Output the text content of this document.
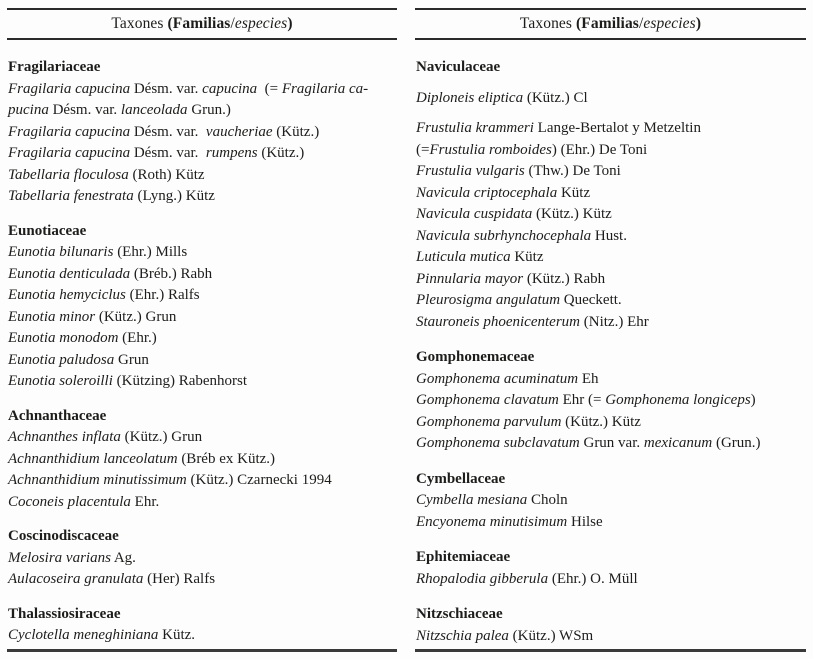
Taxones (Familias / especies )
Fragilariaceae
Fragilaria capucina Désm. var. capucina  (= Fragilaria ca-
pucina Désm. var. lanceolada Grun.)
Fragilaria capucina Désm. var.  vaucheriae (Kütz.)
Fragilaria capucina Désm. var.  rumpens (Kütz.)
Tabellaria floculosa (Roth) Kütz
Tabellaria fenestrata (Lyng.) Kütz
Eunotiaceae
Eunotia bilunaris (Ehr.) Mills
Eunotia denticulada (Bréb.) Rabh
Eunotia hemyciclus (Ehr.) Ralfs
Eunotia minor (Kütz.) Grun
Eunotia monodom (Ehr.)
Eunotia paludosa Grun
Eunotia soleroilli (Kützing) Rabenhorst
Achnanthaceae
Achnanthes inflata (Kütz.) Grun
Achnanthidium lanceolatum (Bréb ex Kütz.)
Achnanthidium minutissimum (Kütz.) Czarnecki 1994
Coconeis placentula Ehr.
Coscinodiscaceae
Melosira varians Ag.
Aulacoseira granulata (Her) Ralfs
Thalassiosiraceae
Cyclotella meneghiniana Kütz.
Taxones (Familias / especies )
Naviculaceae
Diploneis eliptica (Kütz.) Cl
Frustulia krammeri Lange-Bertalot y Metzeltin
(=Frustulia romboides) (Ehr.) De Toni
Frustulia vulgaris (Thw.) De Toni
Navicula criptocephala Kütz
Navicula cuspidata (Kütz.) Kütz
Navicula subrhynchocephala Hust.
Luticula mutica Kütz
Pinnularia mayor (Kütz.) Rabh
Pleurosigma angulatum Queckett.
Stauroneis phoenicenterum (Nitz.) Ehr
Gomphonemaceae
Gomphonema acuminatum Eh
Gomphonema clavatum Ehr (= Gomphonema longiceps)
Gomphonema parvulum (Kütz.) Kütz
Gomphonema subclavatum Grun var. mexicanum (Grun.)
Cymbellaceae
Cymbella mesiana Choln
Encyonema minutisimum Hilse
Ephitemiaceae
Rhopalodia gibberula (Ehr.) O. Müll
Nitzschiaceae
Nitzschia palea (Kütz.) WSm
